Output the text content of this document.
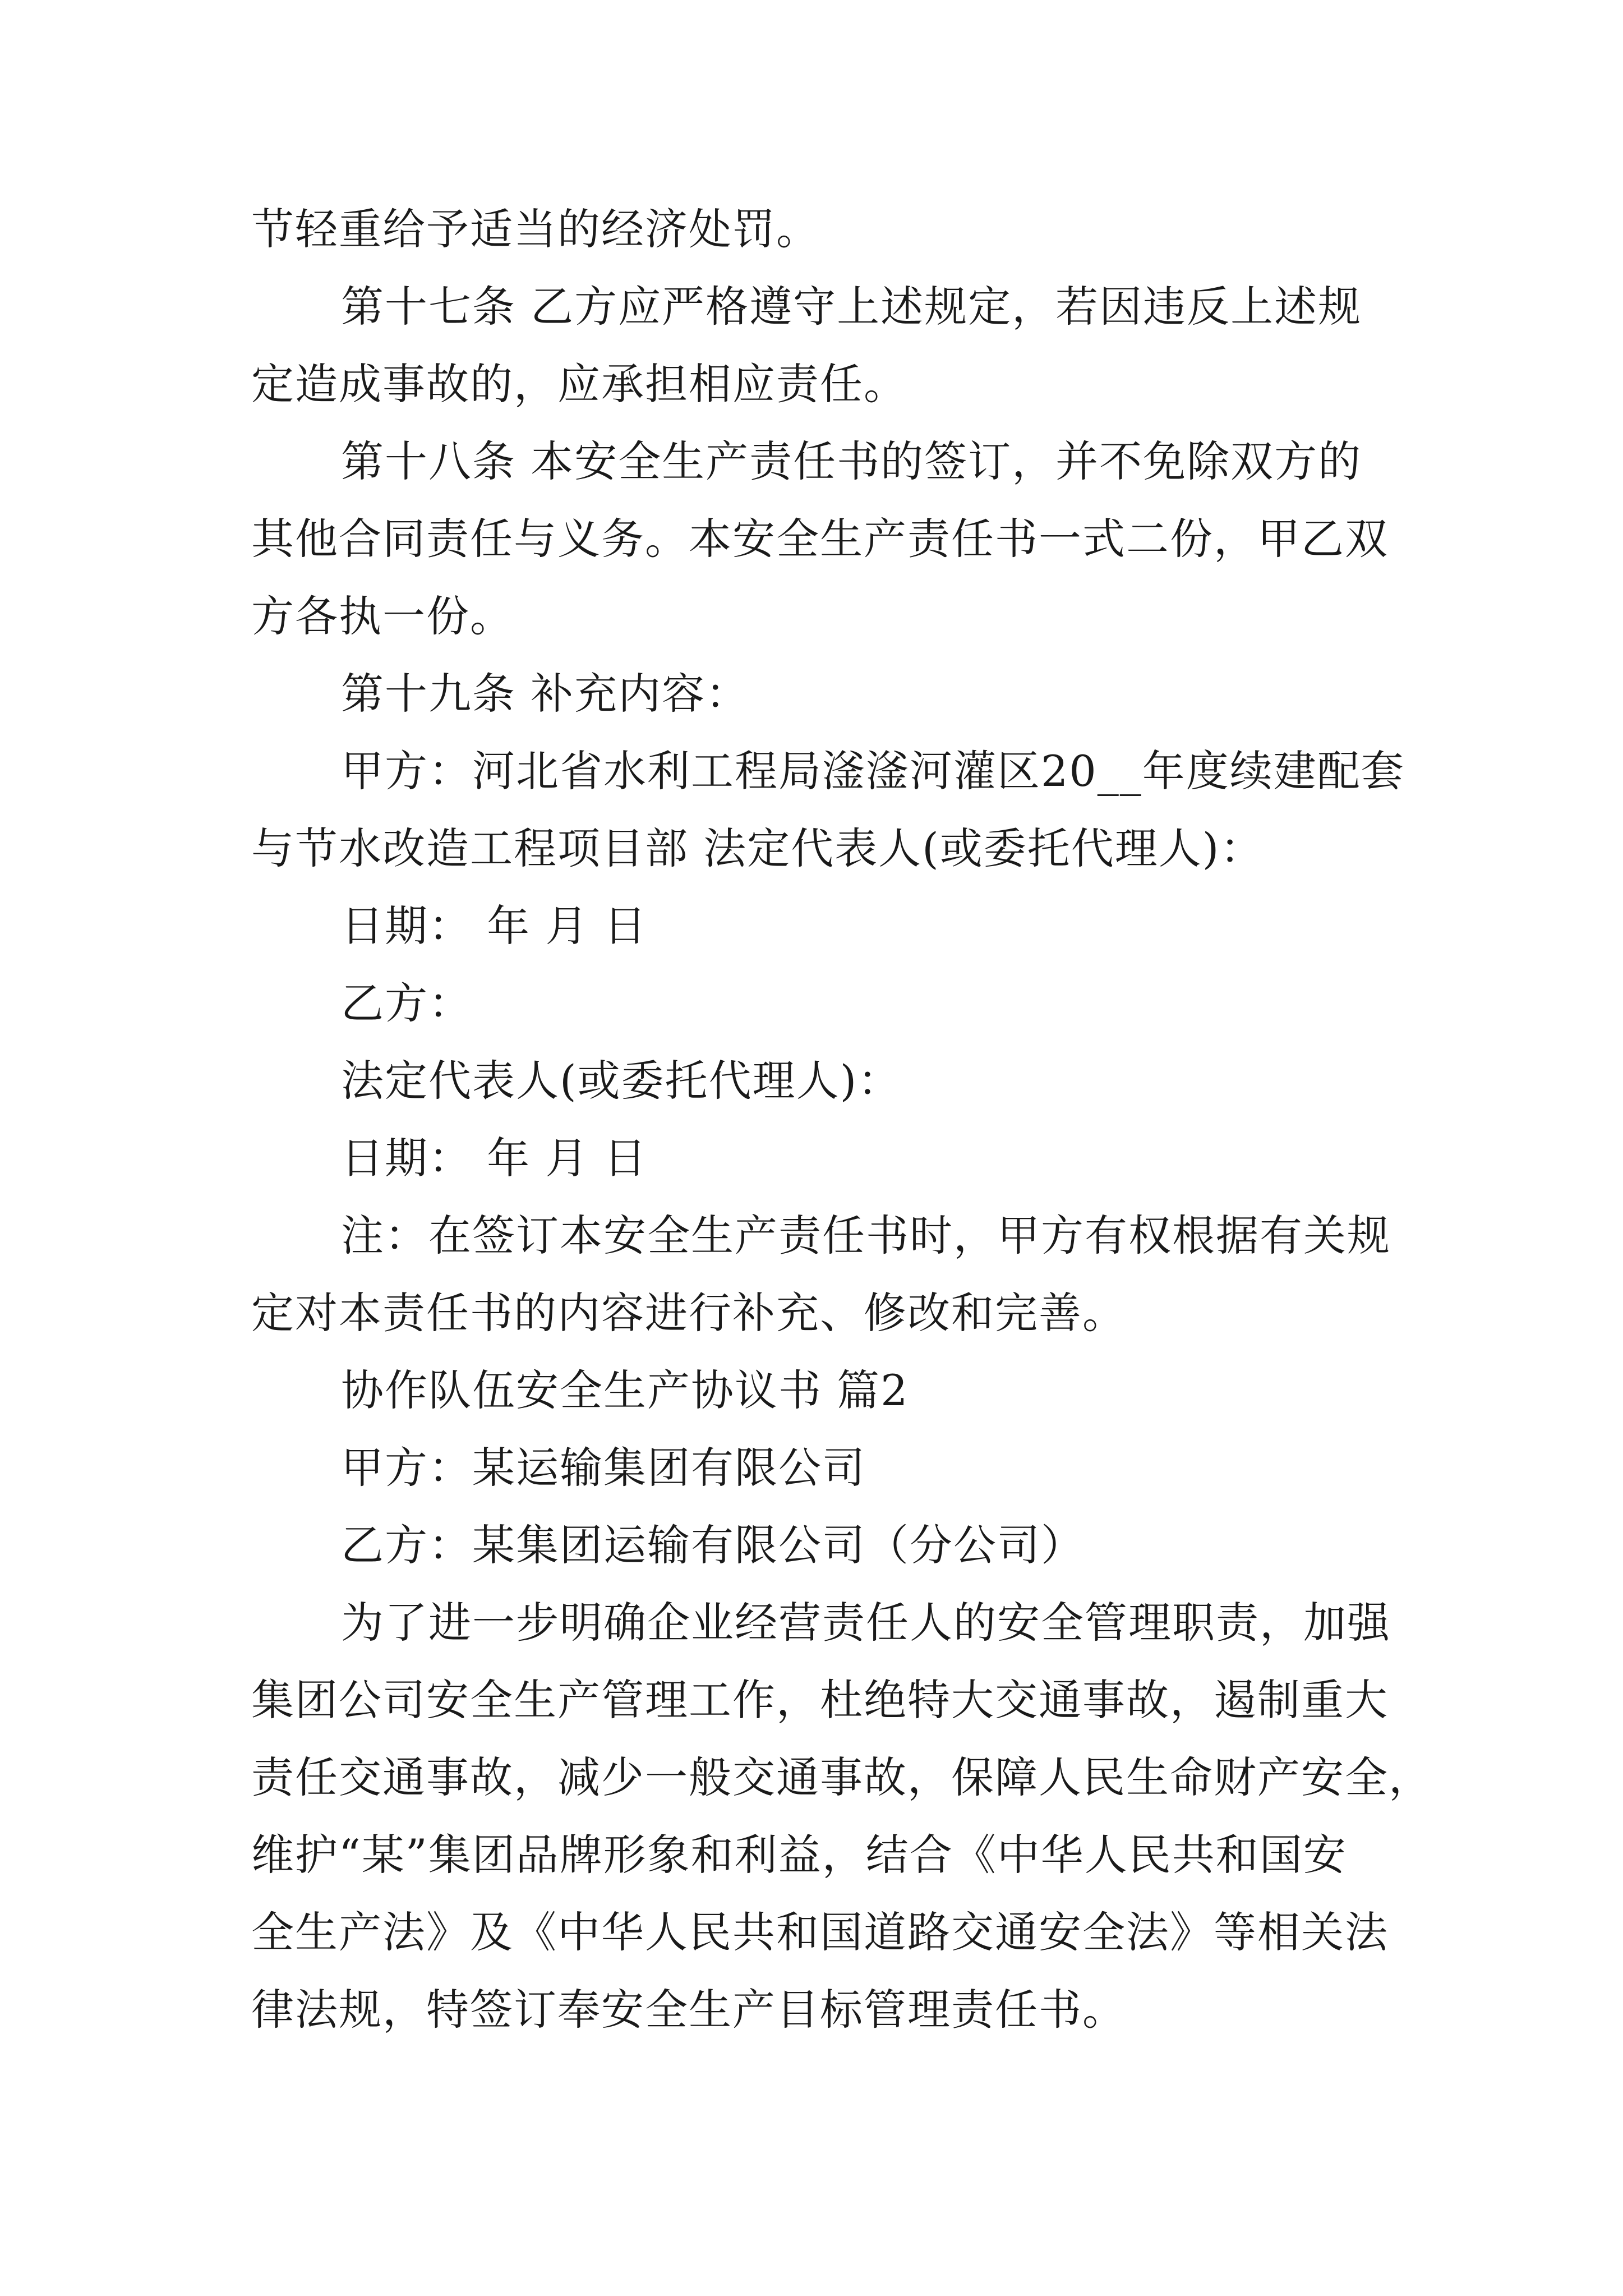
节轻重给予适当的经济处罚。
第十七条 乙方应严格遵守上述规定，若因违反上述规
定造成事故的，应承担相应责任。
第十八条 本安全生产责任书的签订，并不免除双方的
其他合同责任与义务。本安全生产责任书一式二份，甲乙双
方各执一份。
第十九条 补充内容：
甲方：河北省水利工程局滏滏河灌区20__年度续建配套
与节水改造工程项目部 法定代表人(或委托代理人)：
日期： 年 月 日
乙方：
法定代表人(或委托代理人)：
日期： 年 月 日
注：在签订本安全生产责任书时，甲方有权根据有关规
定对本责任书的内容进行补充、修改和完善。
协作队伍安全生产协议书 篇2
甲方：某运输集团有限公司
乙方：某集团运输有限公司（分公司）
为了进一步明确企业经营责任人的安全管理职责，加强
集团公司安全生产管理工作，杜绝特大交通事故，遏制重大
责任交通事故，减少一般交通事故，保障人民生命财产安全，
维护“某”集团品牌形象和利益，结合《中华人民共和国安
全生产法》及《中华人民共和国道路交通安全法》等相关法
律法规，特签订奉安全生产目标管理责任书。
